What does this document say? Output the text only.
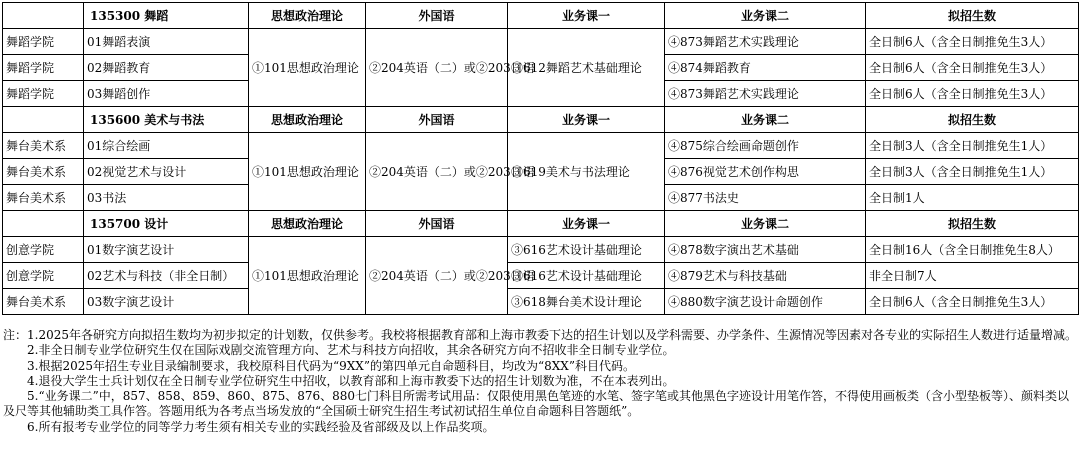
	135300 舞蹈	思想政治理论	外国语	业务课一	业务课二	拟招生数
舞蹈学院	01舞蹈表演	①101思想政治理论	②204英语（二）或②203日语	③612舞蹈艺术基础理论	④873舞蹈艺术实践理论	全日制6人（含全日制推免生3人）
舞蹈学院	02舞蹈教育				④874舞蹈教育	全日制6人（含全日制推免生3人）
舞蹈学院	03舞蹈创作				④873舞蹈艺术实践理论	全日制6人（含全日制推免生3人）
	135600 美术与书法	思想政治理论	外国语	业务课一	业务课二	拟招生数
舞台美术系	01综合绘画	①101思想政治理论	②204英语（二）或②203日语	③619美术与书法理论	④875综合绘画命题创作	全日制3人（含全日制推免生1人）
舞台美术系	02视觉艺术与设计				④876视觉艺术创作构思	全日制3人（含全日制推免生1人）
舞台美术系	03书法				④877书法史	全日制1人
	135700 设计	思想政治理论	外国语	业务课一	业务课二	拟招生数
创意学院	01数字演艺设计	①101思想政治理论	②204英语（二）或②203日语	③616艺术设计基础理论	④878数字演出艺术基础	全日制16人（含全日制推免生8人）
创意学院	02艺术与科技（非全日制）			③616艺术设计基础理论	④879艺术与科技基础	非全日制7人
舞台美术系	03数字演艺设计			③618舞台美术设计理论	④880数字演艺设计命题创作	全日制6人（含全日制推免生3人）

注：1.2025年各研究方向拟招生数均为初步拟定的计划数，仅供参考。我校将根据教育部和上海市教委下达的招生计划以及学科需要、办学条件、生源情况等因素对各专业的实际招生人数进行适量增减。

2.非全日制专业学位研究生仅在国际戏剧交流管理方向、艺术与科技方向招收，其余各研究方向不招收非全日制专业学位。

3.根据2025年招生专业目录编制要求，我校原科目代码为“9XX”的第四单元自命题科目，均改为“8XX”科目代码。

4.退役大学生士兵计划仅在全日制专业学位研究生中招收，以教育部和上海市教委下达的招生计划数为准，不在本表列出。

5.“业务课二”中，857、858、859、860、875、876、880七门科目所需考试用品：仅限使用黑色笔迹的水笔、签字笔或其他黑色字迹设计用笔作答，不得使用画板类（含小型垫板等）、颜料类以及尺等其他辅助类工具作答。答题用纸为各考点当场发放的“全国硕士研究生招生考试初试招生单位自命题科目答题纸”。

6.所有报考专业学位的同等学力考生须有相关专业的实践经验及省部级及以上作品奖项。
